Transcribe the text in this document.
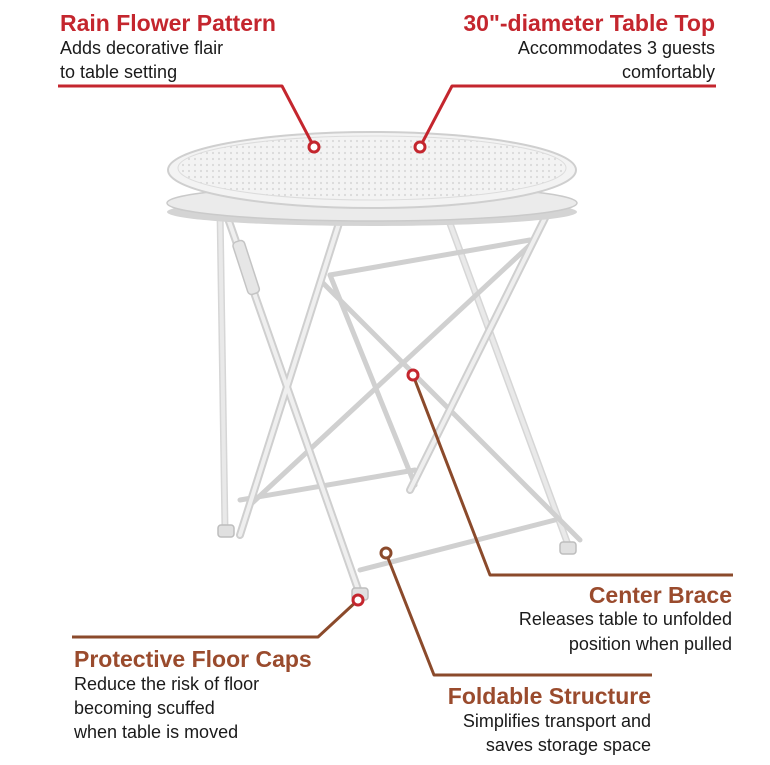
Rain Flower Pattern
Adds decorative flair
to table setting
30"-diameter Table Top
Accommodates 3 guests
comfortably
Center Brace
Releases table to unfolded
position when pulled
Protective Floor Caps
Reduce the risk of floor
becoming scuffed
when table is moved
Foldable Structure
Simplifies transport and
saves storage space
